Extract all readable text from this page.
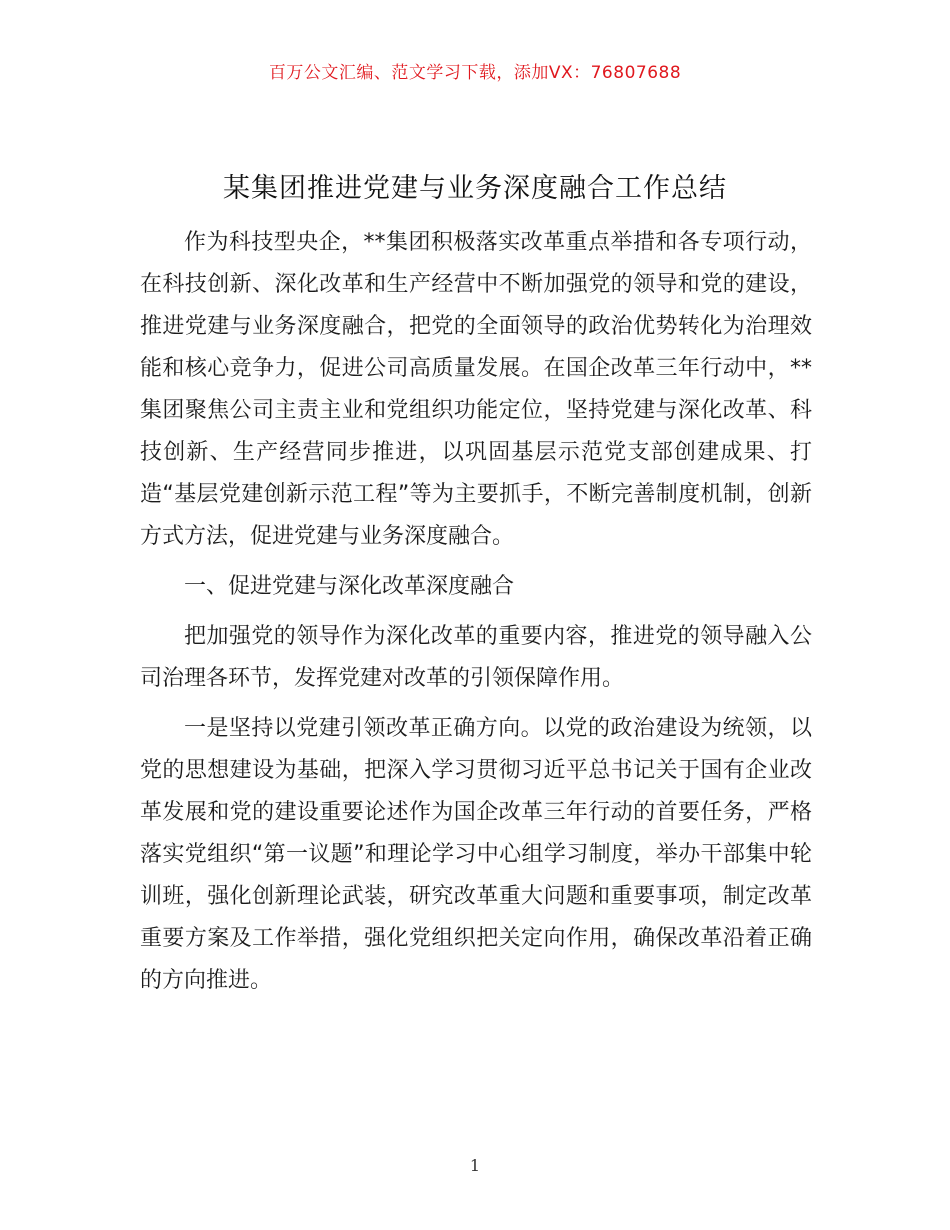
百万公文汇编、范文学习下载，添加VX：76807688
某集团推进党建与业务深度融合工作总结

作为科技型央企，**集团积极落实改革重点举措和各专项行动，在科技创新、深化改革和生产经营中不断加强党的领导和党的建设，推进党建与业务深度融合，把党的全面领导的政治优势转化为治理效能和核心竞争力，促进公司高质量发展。在国企改革三年行动中，**集团聚焦公司主责主业和党组织功能定位，坚持党建与深化改革、科技创新、生产经营同步推进，以巩固基层示范党支部创建成果、打造“基层党建创新示范工程”等为主要抓手，不断完善制度机制，创新方式方法，促进党建与业务深度融合。

一、促进党建与深化改革深度融合

把加强党的领导作为深化改革的重要内容，推进党的领导融入公司治理各环节，发挥党建对改革的引领保障作用。

一是坚持以党建引领改革正确方向。以党的政治建设为统领，以党的思想建设为基础，把深入学习贯彻习近平总书记关于国有企业改革发展和党的建设重要论述作为国企改革三年行动的首要任务，严格落实党组织“第一议题”和理论学习中心组学习制度，举办干部集中轮训班，强化创新理论武装，研究改革重大问题和重要事项，制定改革重要方案及工作举措，强化党组织把关定向作用，确保改革沿着正确的方向推进。

1
